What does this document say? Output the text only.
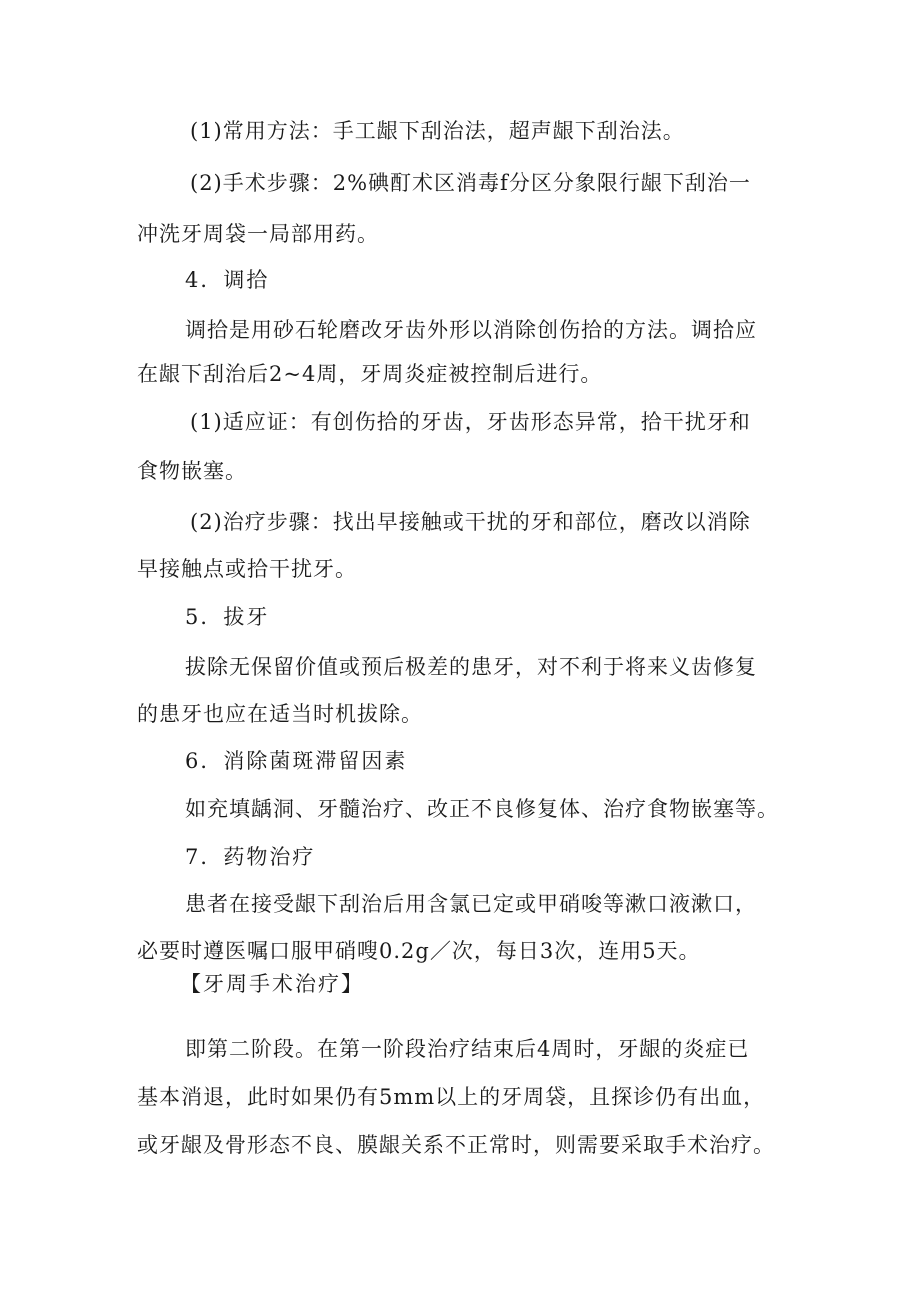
(1)常用方法：手工龈下刮治法，超声龈下刮治法。
(2)手术步骤：2%碘酊术区消毒f分区分象限行龈下刮治一
冲洗牙周袋一局部用药。
4．调拾
调拾是用砂石轮磨改牙齿外形以消除创伤拾的方法。调拾应
在龈下刮治后2~4周，牙周炎症被控制后进行。
(1)适应证：有创伤拾的牙齿，牙齿形态异常，拾干扰牙和
食物嵌塞。
(2)治疗步骤：找出早接触或干扰的牙和部位，磨改以消除
早接触点或拾干扰牙。
5．拔牙
拔除无保留价值或预后极差的患牙，对不利于将来义齿修复
的患牙也应在适当时机拔除。
6．消除菌斑滞留因素
如充填龋洞、牙髓治疗、改正不良修复体、治疗食物嵌塞等。
7．药物治疗
患者在接受龈下刮治后用含氯已定或甲硝唆等漱口液漱口，
必要时遵医嘱口服甲硝嗖0.2g／次，每日3次，连用5天。
【牙周手术治疗】
即第二阶段。在第一阶段治疗结束后4周时，牙龈的炎症已
基本消退，此时如果仍有5mm以上的牙周袋，且探诊仍有出血，
或牙龈及骨形态不良、膜龈关系不正常时，则需要采取手术治疗。
